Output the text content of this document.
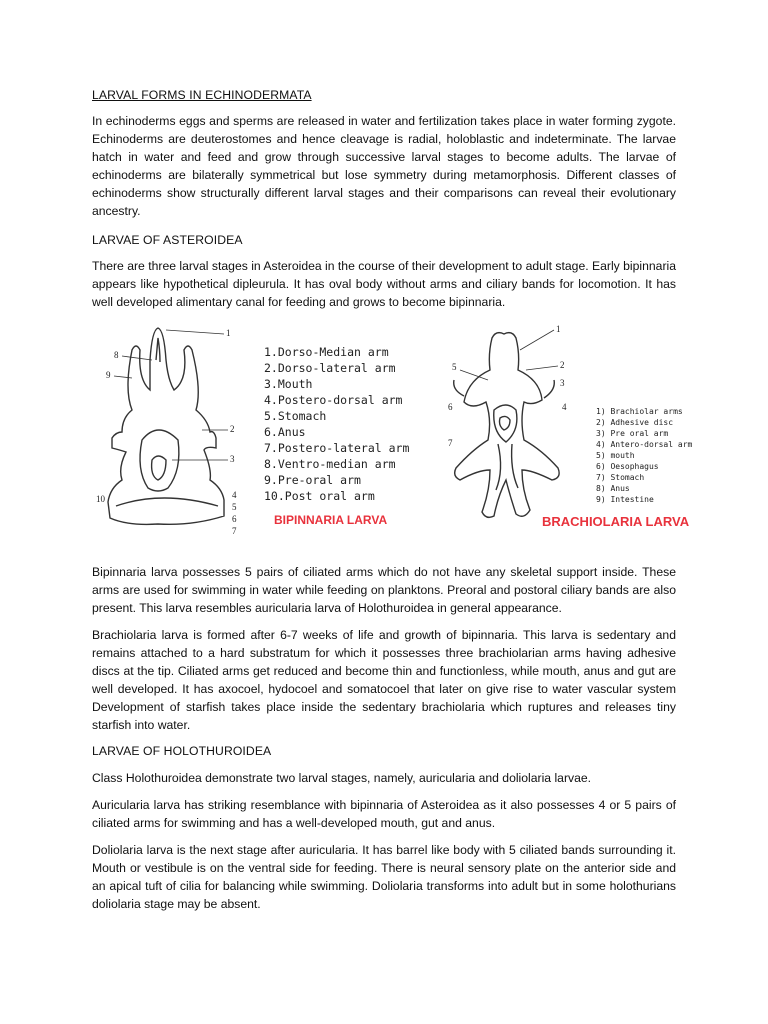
LARVAL FORMS IN ECHINODERMATA
In echinoderms eggs and sperms are released in water and fertilization takes place in water forming zygote. Echinoderms are deuterostomes and hence cleavage is radial, holoblastic and indeterminate. The larvae hatch in water and feed and grow through successive larval stages to become adults. The larvae of echinoderms are bilaterally symmetrical but lose symmetry during metamorphosis. Different classes of echinoderms show structurally different larval stages and their comparisons can reveal their evolutionary ancestry.
LARVAE OF ASTEROIDEA
There are three larval stages in Asteroidea in the course of their development to adult stage. Early bipinnaria appears like hypothetical dipleurula. It has oval body without arms and ciliary bands for locomotion. It has well developed alimentary canal for feeding and grows to become bipinnaria.
1
8
9
2
3
10	4
5
6
7
1.Dorso-Median arm
2.Dorso-lateral arm
3.Mouth
4.Postero-dorsal arm
5.Stomach
6.Anus
7.Postero-lateral arm
8.Ventro-median arm
9.Pre-oral arm
10.Post oral arm
BIPINNARIA LARVA
1
2
3
4
5
6
7
1) Brachiolar arms
2) Adhesive disc
3) Pre oral arm
4) Antero-dorsal arm
5) mouth
6) Oesophagus
7) Stomach
8) Anus
9) Intestine
BRACHIOLARIA LARVA
Bipinnaria larva possesses 5 pairs of ciliated arms which do not have any skeletal support inside. These arms are used for swimming in water while feeding on planktons. Preoral and postoral ciliary bands are also present. This larva resembles auricularia larva of Holothuroidea in general appearance.
Brachiolaria larva is formed after 6-7 weeks of life and growth of bipinnaria. This larva is sedentary and remains attached to a hard substratum for which it possesses three brachiolarian arms having adhesive discs at the tip. Ciliated arms get reduced and become thin and functionless, while mouth, anus and gut are well developed. It has axocoel, hydocoel and somatocoel that later on give rise to water vascular system Development of starfish takes place inside the sedentary brachiolaria which ruptures and releases tiny starfish into water.
LARVAE OF HOLOTHUROIDEA
Class Holothuroidea demonstrate two larval stages, namely, auricularia and doliolaria larvae.
Auricularia larva has striking resemblance with bipinnaria of Asteroidea as it also possesses 4 or 5 pairs of ciliated arms for swimming and has a well-developed mouth, gut and anus.
Doliolaria larva is the next stage after auricularia. It has barrel like body with 5 ciliated bands surrounding it. Mouth or vestibule is on the ventral side for feeding. There is neural sensory plate on the anterior side and an apical tuft of cilia for balancing while swimming. Doliolaria transforms into adult but in some holothurians doliolaria stage may be absent.
